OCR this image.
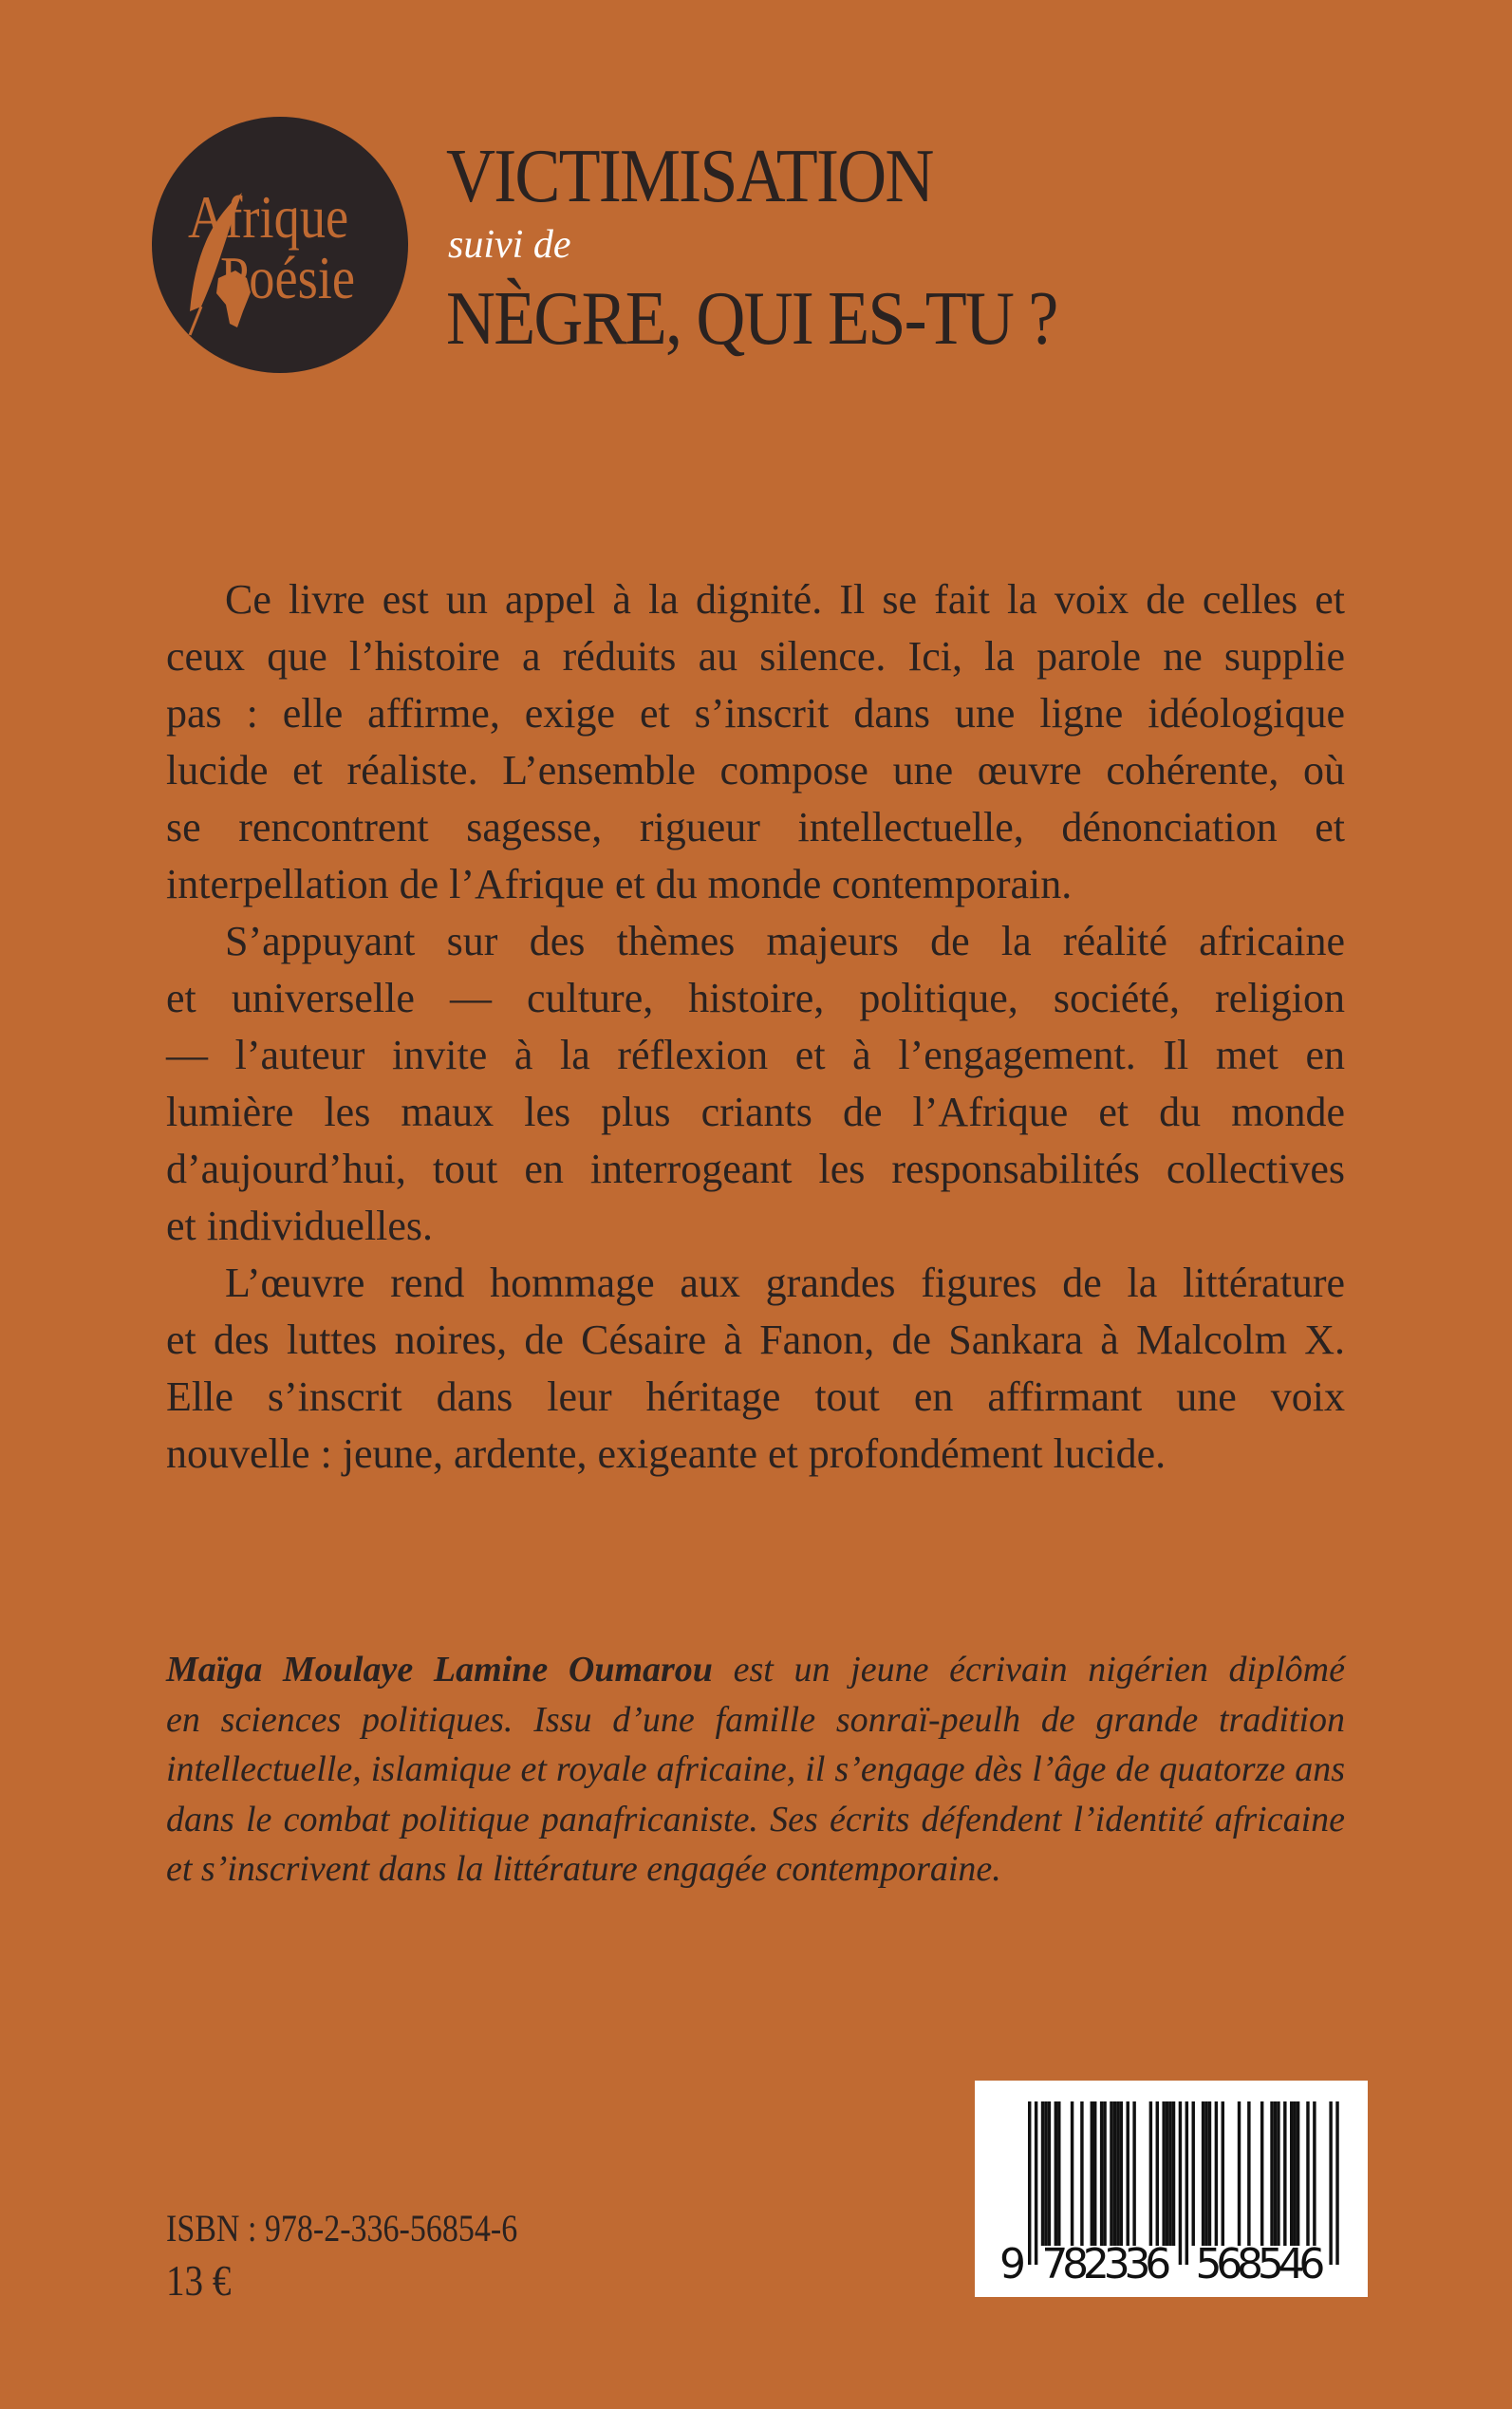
Afrique
Poésie
VICTIMISATION
suivi de
NÈGRE, QUI ES-TU ?
Ce livre est un appel à la dignité. Il se fait la voix de celles et
ceux que l’histoire a réduits au silence. Ici, la parole ne supplie
pas : elle affirme, exige et s’inscrit dans une ligne idéologique
lucide et réaliste. L’ensemble compose une œuvre cohérente, où
se rencontrent sagesse, rigueur intellectuelle, dénonciation et
interpellation de l’Afrique et du monde contemporain.
S’appuyant sur des thèmes majeurs de la réalité africaine
et universelle — culture, histoire, politique, société, religion
— l’auteur invite à la réflexion et à l’engagement. Il met en
lumière les maux les plus criants de l’Afrique et du monde
d’aujourd’hui, tout en interrogeant les responsabilités collectives
et individuelles.
L’œuvre rend hommage aux grandes figures de la littérature
et des luttes noires, de Césaire à Fanon, de Sankara à Malcolm X.
Elle s’inscrit dans leur héritage tout en affirmant une voix
nouvelle : jeune, ardente, exigeante et profondément lucide.
Maïga Moulaye Lamine Oumarou est un jeune écrivain nigérien diplômé
en sciences politiques. Issu d’une famille sonraï-peulh de grande tradition
intellectuelle, islamique et royale africaine, il s’engage dès l’âge de quatorze ans
dans le combat politique panafricaniste. Ses écrits défendent l’identité africaine
et s’inscrivent dans la littérature engagée contemporaine.
ISBN : 978-2-336-56854-6
13 €	9 782336 568546
